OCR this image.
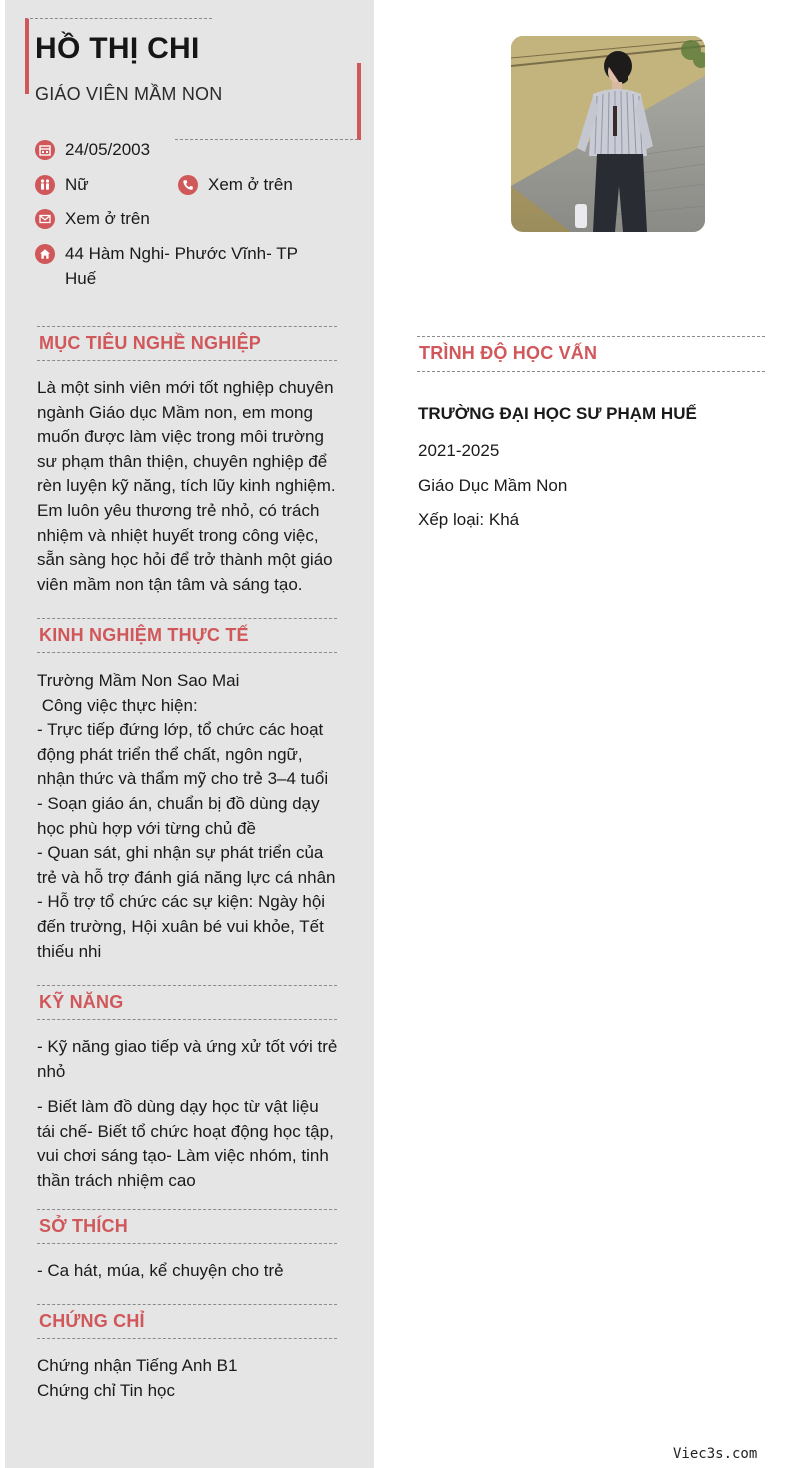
HỒ THỊ CHI
GIÁO VIÊN MẦM NON
24/05/2003
Nữ	Xem ở trên
Xem ở trên
44 Hàm Nghi- Phước Vĩnh- TP Huế
MỤC TIÊU NGHỀ NGHIỆP
Là một sinh viên mới tốt nghiệp chuyên
ngành Giáo dục Mầm non, em mong
muốn được làm việc trong môi trường
sư phạm thân thiện, chuyên nghiệp để
rèn luyện kỹ năng, tích lũy kinh nghiệm.
Em luôn yêu thương trẻ nhỏ, có trách
nhiệm và nhiệt huyết trong công việc,
sẵn sàng học hỏi để trở thành một giáo
viên mầm non tận tâm và sáng tạo.
KINH NGHIỆM THỰC TẾ
Trường Mầm Non Sao Mai
Công việc thực hiện:
- Trực tiếp đứng lớp, tổ chức các hoạt
động phát triển thể chất, ngôn ngữ,
nhận thức và thẩm mỹ cho trẻ 3–4 tuổi
- Soạn giáo án, chuẩn bị đồ dùng dạy
học phù hợp với từng chủ đề
- Quan sát, ghi nhận sự phát triển của
trẻ và hỗ trợ đánh giá năng lực cá nhân
- Hỗ trợ tổ chức các sự kiện: Ngày hội
đến trường, Hội xuân bé vui khỏe, Tết
thiếu nhi
KỸ NĂNG
- Kỹ năng giao tiếp và ứng xử tốt với trẻ
nhỏ
- Biết làm đồ dùng dạy học từ vật liệu
tái chế- Biết tổ chức hoạt động học tập,
vui chơi sáng tạo- Làm việc nhóm, tinh
thần trách nhiệm cao
SỞ THÍCH
- Ca hát, múa, kể chuyện cho trẻ
CHỨNG CHỈ
Chứng nhận Tiếng Anh B1
Chứng chỉ Tin học
TRÌNH ĐỘ HỌC VẤN
TRƯỜNG ĐẠI HỌC SƯ PHẠM HUẾ
2021-2025
Giáo Dục Mầm Non
Xếp loại: Khá
Viec3s.com
